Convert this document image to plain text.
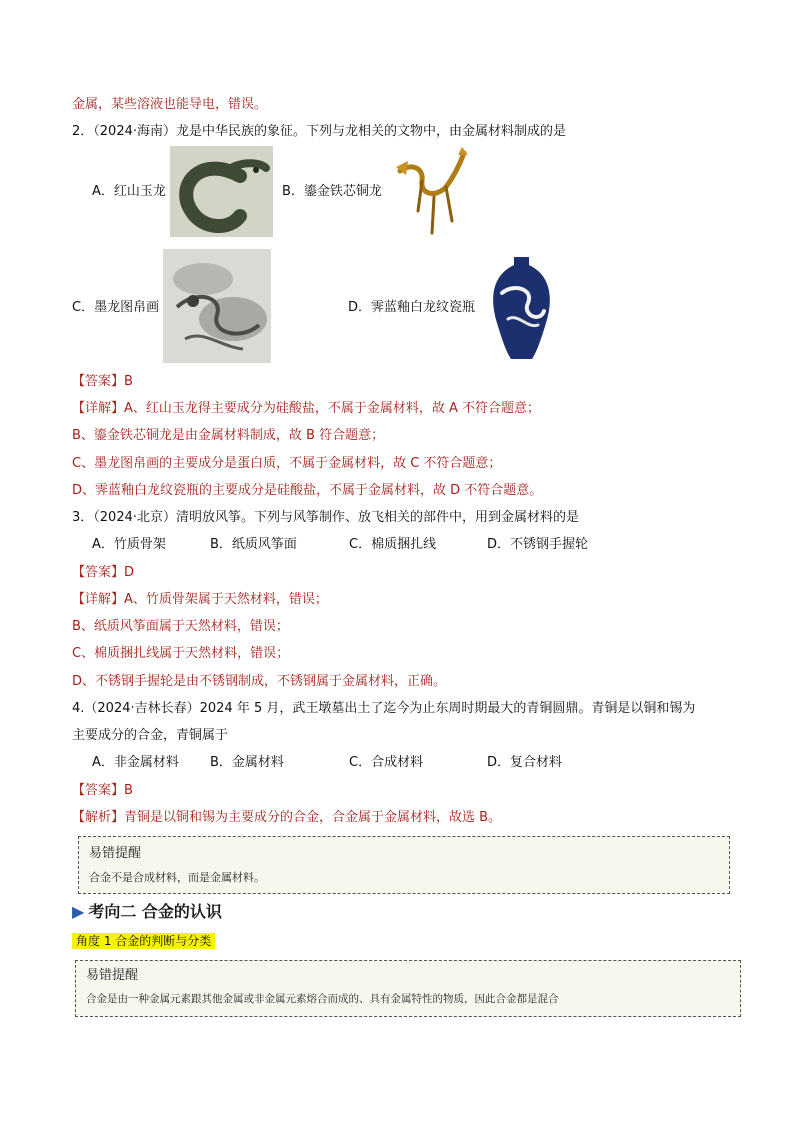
金属，某些溶液也能导电，错误。
2．（2024·海南）龙是中华民族的象征。下列与龙相关的文物中，由金属材料制成的是
A．红山玉龙	B．鎏金铁芯铜龙
C．墨龙图帛画	D．霁蓝釉白龙纹瓷瓶
【答案】B
【详解】A、红山玉龙得主要成分为硅酸盐，不属于金属材料，故 A 不符合题意；
B、鎏金铁芯铜龙是由金属材料制成，故 B 符合题意；
C、墨龙图帛画的主要成分是蛋白质，不属于金属材料，故 C 不符合题意；
D、霁蓝釉白龙纹瓷瓶的主要成分是硅酸盐，不属于金属材料，故 D 不符合题意。
3．（2024·北京）清明放风筝。下列与风筝制作、放飞相关的部件中，用到金属材料的是
A．竹质骨架	B．纸质风筝面	C．棉质捆扎线	D．不锈钢手握轮
【答案】D
【详解】A、竹质骨架属于天然材料，错误；
B、纸质风筝面属于天然材料，错误；
C、棉质捆扎线属于天然材料，错误；
D、不锈钢手握轮是由不锈钢制成，不锈钢属于金属材料，正确。
4.（2024·吉林长春）2024 年 5 月，武王墩墓出土了迄今为止东周时期最大的青铜圆鼎。青铜是以铜和锡为
主要成分的合金，青铜属于
A．非金属材料 B．金属材料	C．合成材料	D．复合材料
【答案】B
【解析】青铜是以铜和锡为主要成分的合金，合金属于金属材料，故选 B。
易错提醒
合金不是合成材料，而是金属材料。
▶ 考向二 合金的认识
角度 1 合金的判断与分类
易错提醒
合金是由一种金属元素跟其他金属或非金属元素熔合而成的、具有金属特性的物质，因此合金都是混合
